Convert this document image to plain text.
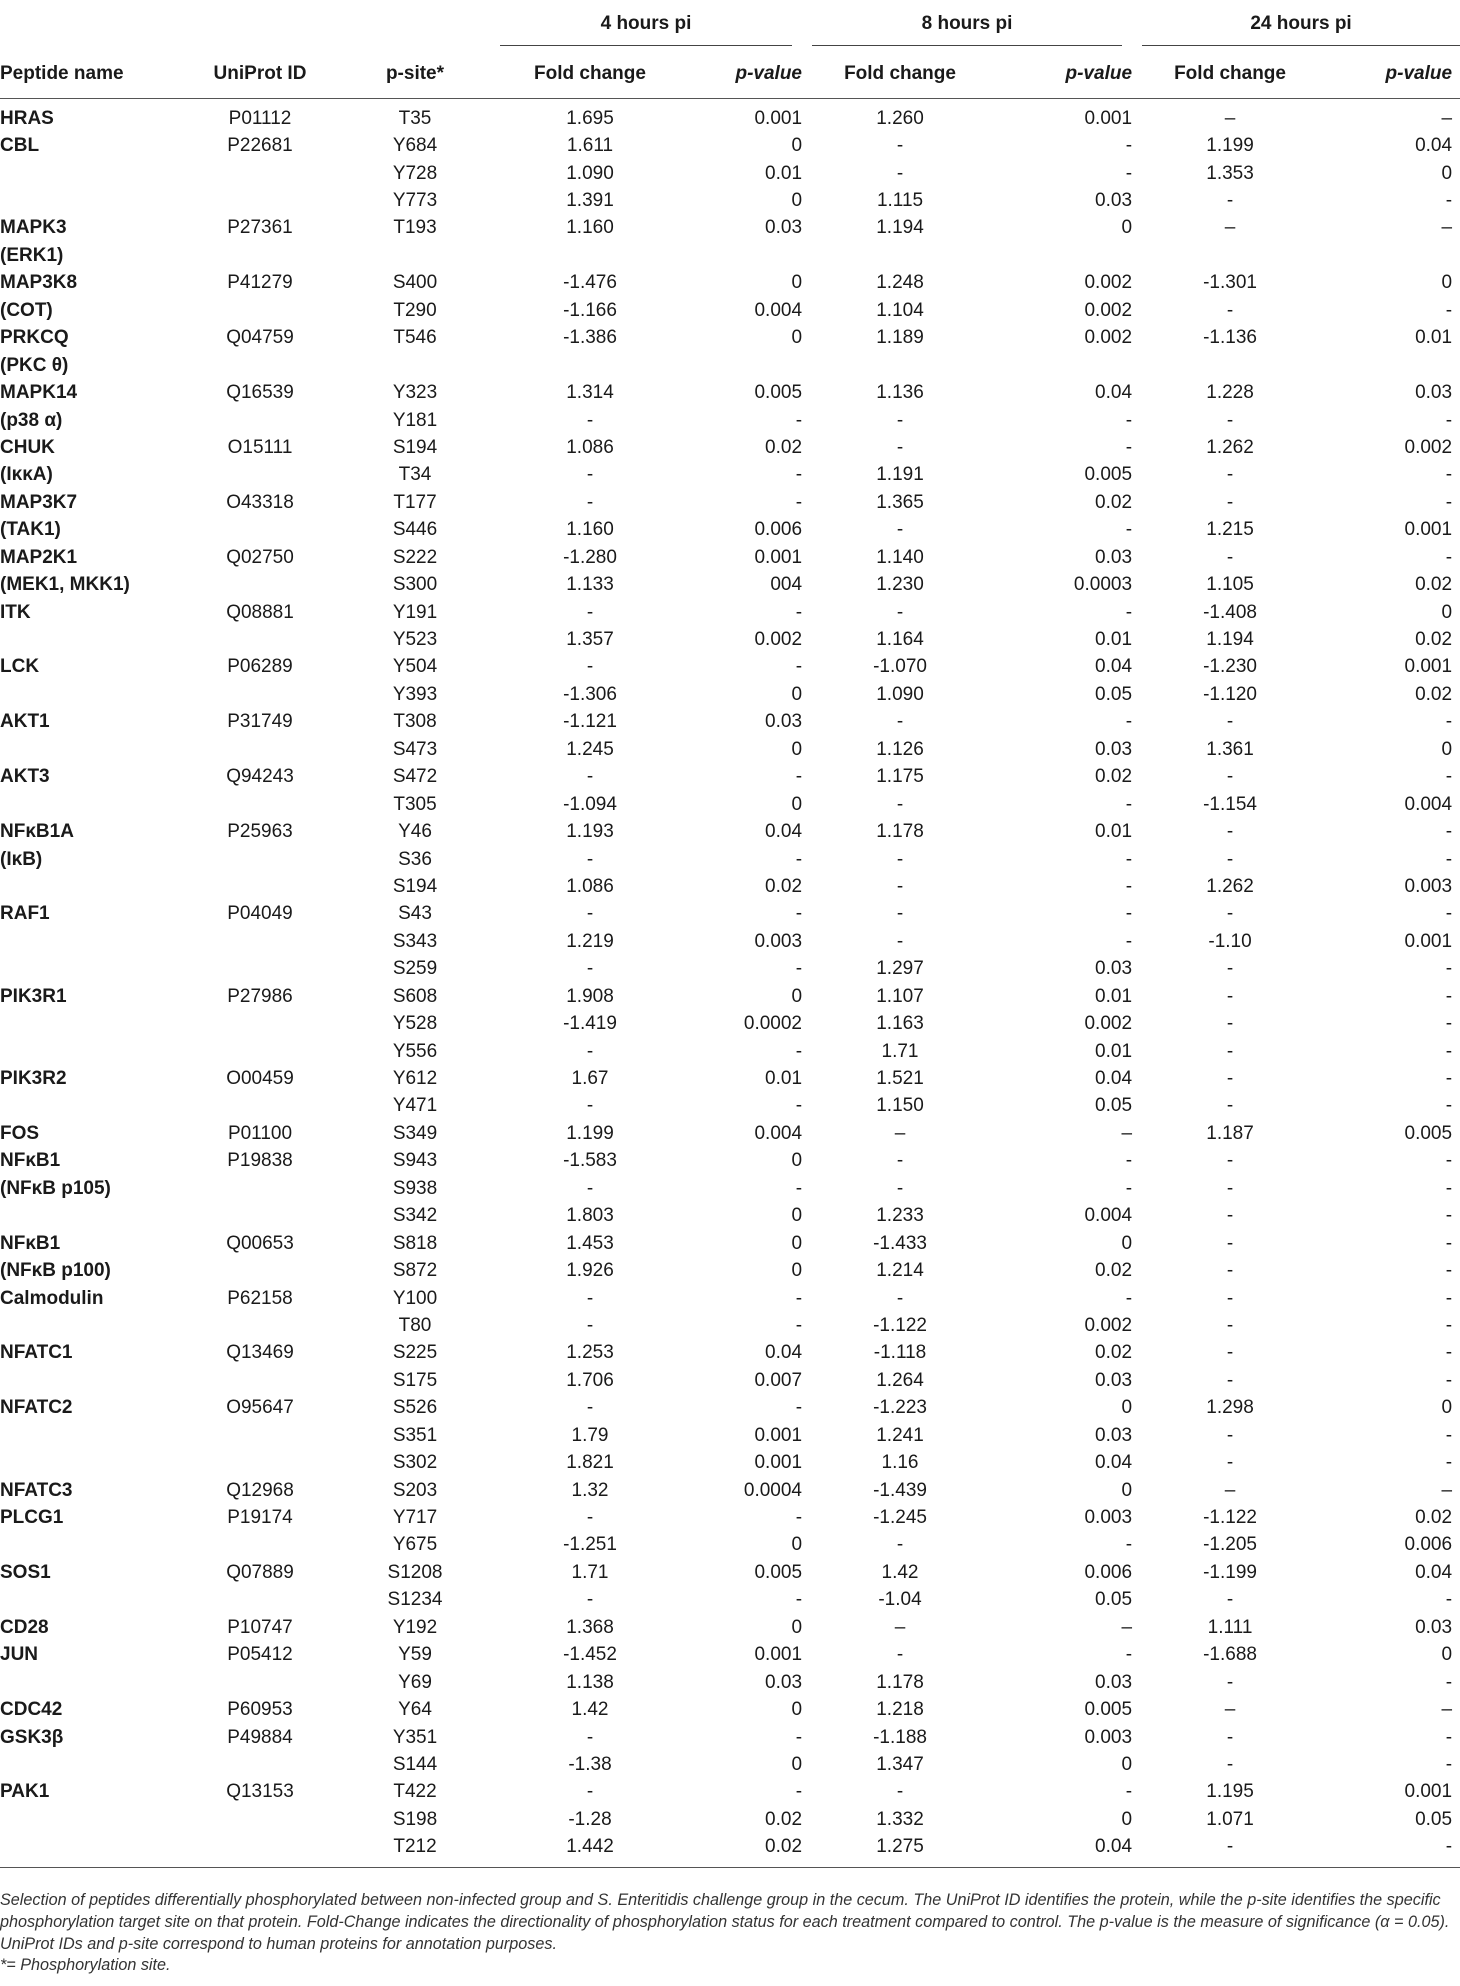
			4 hours pi		8 hours pi		24 hours pi	

Peptide name	UniProt ID	p-site*	Fold change	p-value	Fold change	p-value	Fold change	p-value
HRAS	P01112	T35	1.695	0.001	1.260	0.001	–	–
CBL	P22681	Y684	1.611	0	-	-	1.199	0.04
		Y728	1.090	0.01	-	-	1.353	0
		Y773	1.391	0	1.115	0.03	-	-
MAPK3	P27361	T193	1.160	0.03	1.194	0	–	–
(ERK1)								
MAP3K8	P41279	S400	-1.476	0	1.248	0.002	-1.301	0
(COT)		T290	-1.166	0.004	1.104	0.002	-	-
PRKCQ	Q04759	T546	-1.386	0	1.189	0.002	-1.136	0.01
(PKC θ)								
MAPK14	Q16539	Y323	1.314	0.005	1.136	0.04	1.228	0.03
(p38 α)		Y181	-	-	-	-	-	-
CHUK	O15111	S194	1.086	0.02	-	-	1.262	0.002
(IκκA)		T34	-	-	1.191	0.005	-	-
MAP3K7	O43318	T177	-	-	1.365	0.02	-	-
(TAK1)		S446	1.160	0.006	-	-	1.215	0.001
MAP2K1	Q02750	S222	-1.280	0.001	1.140	0.03	-	-
(MEK1, MKK1)		S300	1.133	004	1.230	0.0003	1.105	0.02
ITK	Q08881	Y191	-	-	-	-	-1.408	0
		Y523	1.357	0.002	1.164	0.01	1.194	0.02
LCK	P06289	Y504	-	-	-1.070	0.04	-1.230	0.001
		Y393	-1.306	0	1.090	0.05	-1.120	0.02
AKT1	P31749	T308	-1.121	0.03	-	-	-	-
		S473	1.245	0	1.126	0.03	1.361	0
AKT3	Q94243	S472	-	-	1.175	0.02	-	-
		T305	-1.094	0	-	-	-1.154	0.004
NFκB1A	P25963	Y46	1.193	0.04	1.178	0.01	-	-
(IκB)		S36	-	-	-	-	-	-
		S194	1.086	0.02	-	-	1.262	0.003
RAF1	P04049	S43	-	-	-	-	-	-
		S343	1.219	0.003	-	-	-1.10	0.001
		S259	-	-	1.297	0.03	-	-
PIK3R1	P27986	S608	1.908	0	1.107	0.01	-	-
		Y528	-1.419	0.0002	1.163	0.002	-	-
		Y556	-	-	1.71	0.01	-	-
PIK3R2	O00459	Y612	1.67	0.01	1.521	0.04	-	-
		Y471	-	-	1.150	0.05	-	-
FOS	P01100	S349	1.199	0.004	–	–	1.187	0.005
NFκB1	P19838	S943	-1.583	0	-	-	-	-
(NFκB p105)		S938	-	-	-	-	-	-
		S342	1.803	0	1.233	0.004	-	-
NFκB1	Q00653	S818	1.453	0	-1.433	0	-	-
(NFκB p100)		S872	1.926	0	1.214	0.02	-	-
Calmodulin	P62158	Y100	-	-	-	-	-	-
		T80	-	-	-1.122	0.002	-	-
NFATC1	Q13469	S225	1.253	0.04	-1.118	0.02	-	-
		S175	1.706	0.007	1.264	0.03	-	-
NFATC2	O95647	S526	-	-	-1.223	0	1.298	0
		S351	1.79	0.001	1.241	0.03	-	-
		S302	1.821	0.001	1.16	0.04	-	-
NFATC3	Q12968	S203	1.32	0.0004	-1.439	0	–	–
PLCG1	P19174	Y717	-	-	-1.245	0.003	-1.122	0.02
		Y675	-1.251	0	-	-	-1.205	0.006
SOS1	Q07889	S1208	1.71	0.005	1.42	0.006	-1.199	0.04
		S1234	-	-	-1.04	0.05	-	-
CD28	P10747	Y192	1.368	0	–	–	1.111	0.03
JUN	P05412	Y59	-1.452	0.001	-	-	-1.688	0
		Y69	1.138	0.03	1.178	0.03	-	-
CDC42	P60953	Y64	1.42	0	1.218	0.005	–	–
GSK3β	P49884	Y351	-	-	-1.188	0.003	-	-
		S144	-1.38	0	1.347	0	-	-
PAK1	Q13153	T422	-	-	-	-	1.195	0.001
		S198	-1.28	0.02	1.332	0	1.071	0.05
		T212	1.442	0.02	1.275	0.04	-	-
Selection of peptides differentially phosphorylated between non-infected group and S. Enteritidis challenge group in the cecum. The UniProt ID identifies the protein, while the p-site identifies the specific phosphorylation target site on that protein. Fold-Change indicates the directionality of phosphorylation status for each treatment compared to control. The p-value is the measure of significance (α = 0.05). UniProt IDs and p-site correspond to human proteins for annotation purposes.
*= Phosphorylation site.
